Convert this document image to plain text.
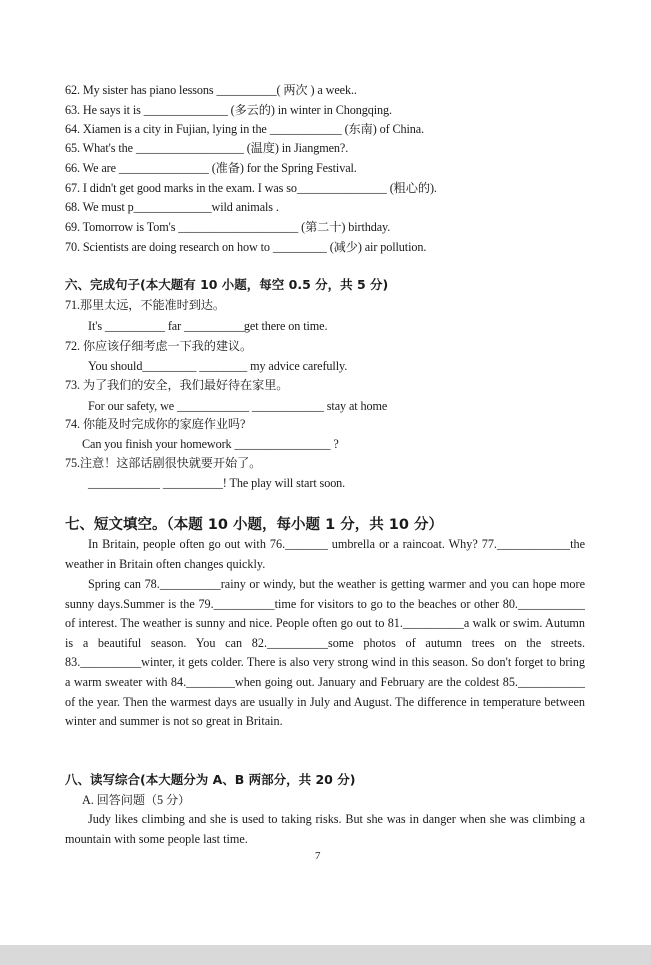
62. My sister has piano lessons __________( 两次 ) a week..
63. He says it is ______________ (多云的) in winter in Chongqing.
64. Xiamen is a city in Fujian, lying in the ____________ (东南) of China.
65. What's the __________________ (温度) in Jiangmen?.
66. We are _______________ (准备) for the Spring Festival.
67. I didn't get good marks in the exam. I was so_______________ (粗心的).
68. We must p_____________wild animals .
69. Tomorrow is Tom's ____________________ (第二十) birthday.
70. Scientists are doing research on how to _________ (减少) air pollution.
六、完成句子(本大题有 10 小题，每空 0.5 分，共 5 分)
71.那里太远，不能准时到达。
It's __________ far __________get there on time.
72. 你应该仔细考虑一下我的建议。
You should_________ ________ my advice carefully.
73. 为了我们的安全，我们最好待在家里。
For our safety, we ____________ ____________ stay at home
74. 你能及时完成你的家庭作业吗?
Can you finish your homework ________________ ?
75.注意！这部话剧很快就要开始了。
____________ __________! The play will start soon.
七、短文填空。（本题 10 小题，每小题 1 分，共 10 分）
In Britain, people often go out with 76._______ umbrella or a raincoat. Why? 77.____________the weather in Britain often changes quickly.
Spring can 78.__________rainy or windy, but the weather is getting warmer and you can hope more sunny days.Summer is the 79.__________time for visitors to go to the beaches or other 80.___________ of interest. The weather is sunny and nice. People often go out to 81.__________a walk or swim. Autumn is a beautiful season. You can 82.__________some photos of autumn trees on the streets. 83.__________winter, it gets colder. There is also very strong wind in this season. So don't forget to bring a warm sweater with 84.________when going out. January and February are the coldest 85.___________ of the year. Then the warmest days are usually in July and August. The difference in temperature between winter and summer is not so great in Britain.
八、读写综合(本大题分为 A、B 两部分，共 20 分)
A. 回答问题（5 分）
Judy likes climbing and she is used to taking risks. But she was in danger when she was climbing a mountain with some people last time.
7
